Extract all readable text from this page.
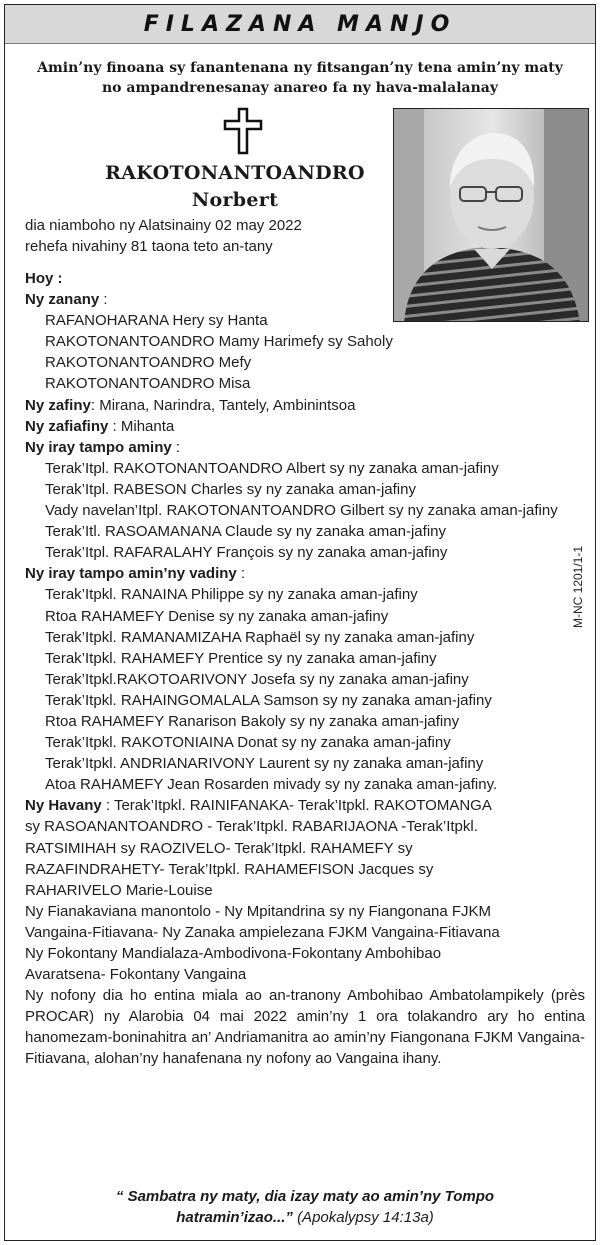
FILAZANA MANJO
Amin’ny finoana sy fanantenana ny fitsangan’ny tena amin’ny maty
no ampandrenesanay anareo fa ny hava-malalanay
RAKOTONANTOANDRO
Norbert
dia niamboho ny Alatsinainy 02 may 2022
rehefa nivahiny 81 taona teto an-tany
Hoy :
Ny zanany :
RAFANOHARANA Hery sy Hanta
RAKOTONANTOANDRO Mamy Harimefy sy Saholy
RAKOTONANTOANDRO Mefy
RAKOTONANTOANDRO Misa
Ny zafiny: Mirana, Narindra, Tantely, Ambinintsoa
Ny zafiafiny : Mihanta
Ny iray tampo aminy :
Terak’Itpl. RAKOTONANTOANDRO Albert sy ny zanaka aman-jafiny
Terak’Itpl. RABESON Charles sy ny zanaka aman-jafiny
Vady navelan’Itpl. RAKOTONANTOANDRO Gilbert sy ny zanaka aman-jafiny
Terak’Itl. RASOAMANANA Claude sy ny zanaka aman-jafiny
Terak’Itpl. RAFARALAHY François sy ny zanaka aman-jafiny
Ny iray tampo amin’ny vadiny :
Terak’Itpkl. RANAINA Philippe sy ny zanaka aman-jafiny
Rtoa RAHAMEFY Denise sy ny zanaka aman-jafiny
Terak’Itpkl. RAMANAMIZAHA Raphaël sy ny zanaka aman-jafiny
Terak’Itpkl. RAHAMEFY Prentice sy ny zanaka aman-jafiny
Terak’Itpkl.RAKOTOARIVONY Josefa sy ny zanaka aman-jafiny
Terak’Itpkl. RAHAINGOMALALA Samson sy ny zanaka aman-jafiny
Rtoa RAHAMEFY Ranarison Bakoly sy ny zanaka aman-jafiny
Terak’Itpkl. RAKOTONIAINA Donat sy ny zanaka aman-jafiny
Terak’Itpkl. ANDRIANARIVONY Laurent sy ny zanaka aman-jafiny
Atoa RAHAMEFY Jean Rosarden mivady sy ny zanaka aman-jafiny.
Ny Havany : Terak’Itpkl. RAINIFANAKA- Terak’Itpkl. RAKOTOMANGA
sy RASOANANTOANDRO - Terak’Itpkl. RABARIJAONA -Terak’Itpkl.
RATSIMIHAH sy RAOZIVELO- Terak’Itpkl. RAHAMEFY sy
RAZAFINDRAHETY- Terak’Itpkl. RAHAMEFISON Jacques sy
RAHARIVELO Marie-Louise
Ny Fianakaviana manontolo - Ny Mpitandrina sy ny Fiangonana FJKM
Vangaina-Fitiavana- Ny Zanaka ampielezana FJKM Vangaina-Fitiavana
Ny Fokontany Mandialaza-Ambodivona-Fokontany Ambohibao
Avaratsena- Fokontany Vangaina
Ny nofony dia ho entina miala ao an-tranony Ambohibao Ambatolampikely (près PROCAR) ny Alarobia 04 mai 2022 amin’ny 1 ora tolakandro ary ho entina hanomezam-boninahitra an’ Andriamanitra ao amin’ny Fiangonana FJKM Vangaina-Fitiavana, alohan’ny hanafenana ny nofony ao Vangaina ihany.
“ Sambatra ny maty, dia izay maty ao amin’ny Tompo
hatramin’izao...” (Apokalypsy 14:13a)
M-NC 1201/1-1
